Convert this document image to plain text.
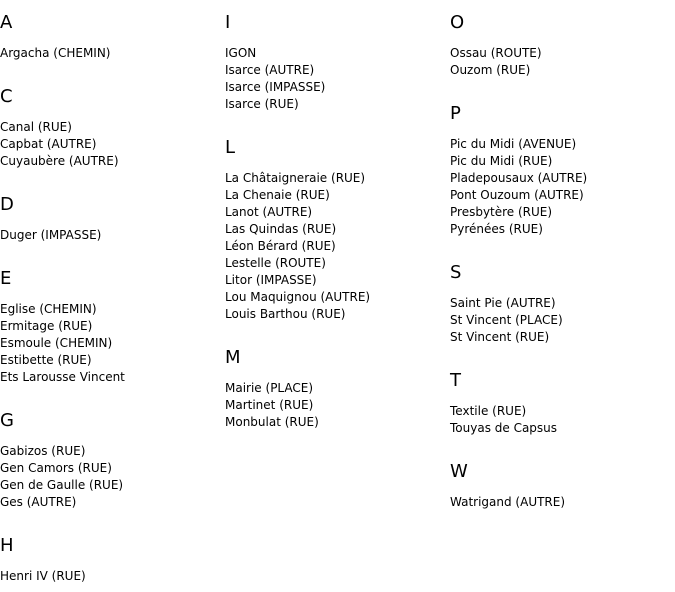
A
Argacha (CHEMIN)
C
Canal (RUE)
Capbat (AUTRE)
Cuyaubère (AUTRE)
D
Duger (IMPASSE)
E
Eglise (CHEMIN)
Ermitage (RUE)
Esmoule (CHEMIN)
Estibette (RUE)
Ets Larousse Vincent
G
Gabizos (RUE)
Gen Camors (RUE)
Gen de Gaulle (RUE)
Ges (AUTRE)
H
Henri IV (RUE)
I
IGON
Isarce (AUTRE)
Isarce (IMPASSE)
Isarce (RUE)
L
La Châtaigneraie (RUE)
La Chenaie (RUE)
Lanot (AUTRE)
Las Quindas (RUE)
Léon Bérard (RUE)
Lestelle (ROUTE)
Litor (IMPASSE)
Lou Maquignou (AUTRE)
Louis Barthou (RUE)
M
Mairie (PLACE)
Martinet (RUE)
Monbulat (RUE)
O
Ossau (ROUTE)
Ouzom (RUE)
P
Pic du Midi (AVENUE)
Pic du Midi (RUE)
Pladepousaux (AUTRE)
Pont Ouzoum (AUTRE)
Presbytère (RUE)
Pyrénées (RUE)
S
Saint Pie (AUTRE)
St Vincent (PLACE)
St Vincent (RUE)
T
Textile (RUE)
Touyas de Capsus
W
Watrigand (AUTRE)
